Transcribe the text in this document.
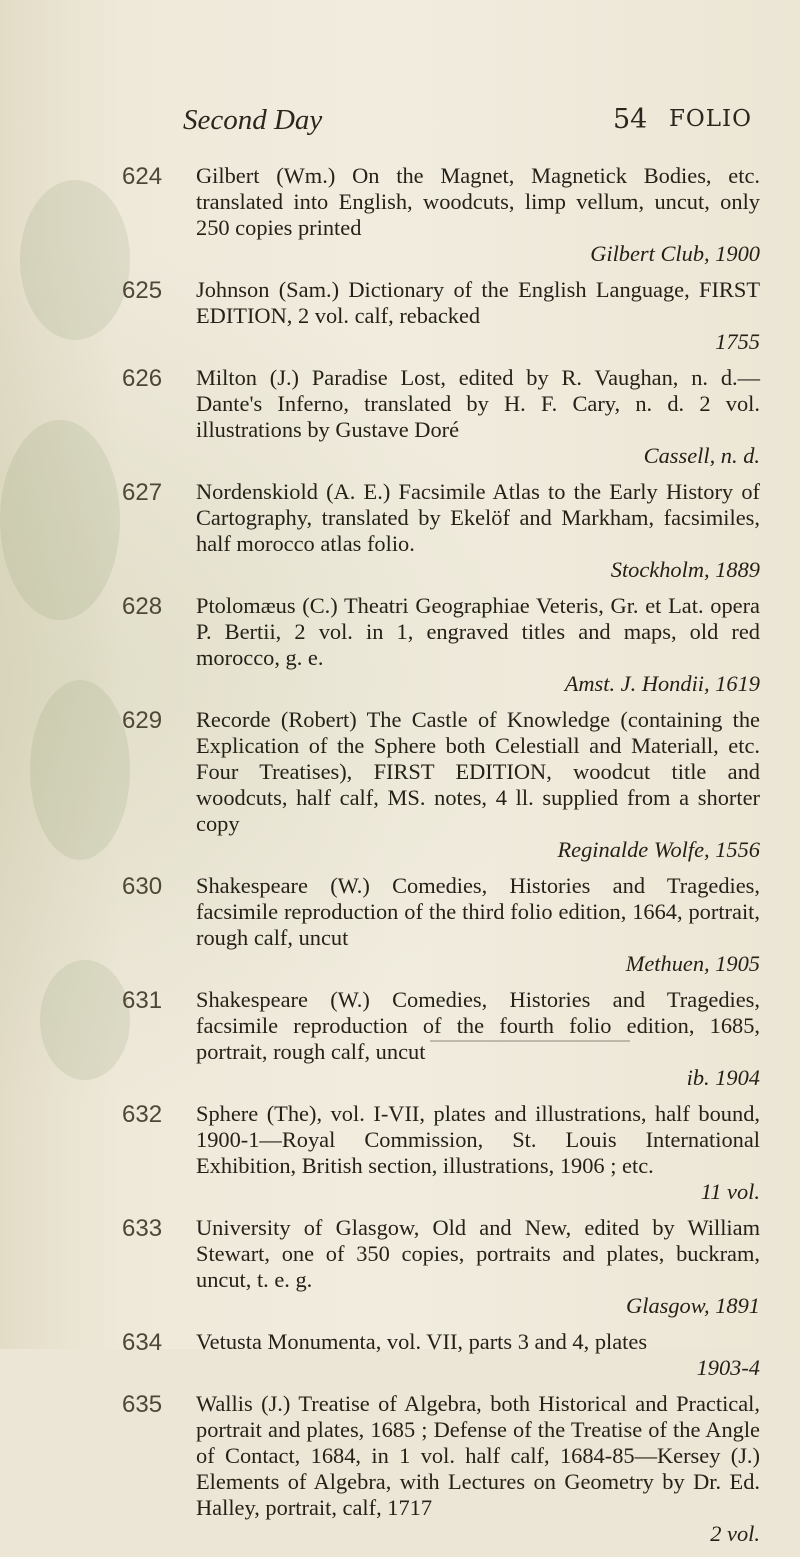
Second Day	54 FOLIO
624	Gilbert (Wm.) On the Magnet, Magnetick Bodies, etc. translated into English, woodcuts, limp vellum, uncut, only 250 copies printed
Gilbert Club, 1900
625	Johnson (Sam.) Dictionary of the English Language, FIRST EDITION, 2 vol. calf, rebacked
1755
626	Milton (J.) Paradise Lost, edited by R. Vaughan, n. d.—Dante's Inferno, translated by H. F. Cary, n. d. 2 vol. illustrations by Gustave Doré
Cassell, n. d.
627	Nordenskiold (A. E.) Facsimile Atlas to the Early History of Cartography, translated by Ekelöf and Markham, facsimiles, half morocco atlas folio.
Stockholm, 1889
628	Ptolomæus (C.) Theatri Geographiae Veteris, Gr. et Lat. opera P. Bertii, 2 vol. in 1, engraved titles and maps, old red morocco, g. e.
Amst. J. Hondii, 1619
629	Recorde (Robert) The Castle of Knowledge (containing the Explication of the Sphere both Celestiall and Materiall, etc. Four Treatises), FIRST EDITION, woodcut title and woodcuts, half calf, MS. notes, 4 ll. supplied from a shorter copy
Reginalde Wolfe, 1556
630	Shakespeare (W.) Comedies, Histories and Tragedies, facsimile reproduction of the third folio edition, 1664, portrait, rough calf, uncut
Methuen, 1905
631	Shakespeare (W.) Comedies, Histories and Tragedies, facsimile reproduction of the fourth folio edition, 1685, portrait, rough calf, uncut
ib. 1904
632	Sphere (The), vol. I-VII, plates and illustrations, half bound, 1900-1—Royal Commission, St. Louis International Exhibition, British section, illustrations, 1906 ; etc.
11 vol.
633	University of Glasgow, Old and New, edited by William Stewart, one of 350 copies, portraits and plates, buckram, uncut, t. e. g.
Glasgow, 1891
634	Vetusta Monumenta, vol. VII, parts 3 and 4, plates
1903-4
635	Wallis (J.) Treatise of Algebra, both Historical and Practical, portrait and plates, 1685 ; Defense of the Treatise of the Angle of Contact, 1684, in 1 vol. half calf, 1684-85—Kersey (J.) Elements of Algebra, with Lectures on Geometry by Dr. Ed. Halley, portrait, calf, 1717
2 vol.
